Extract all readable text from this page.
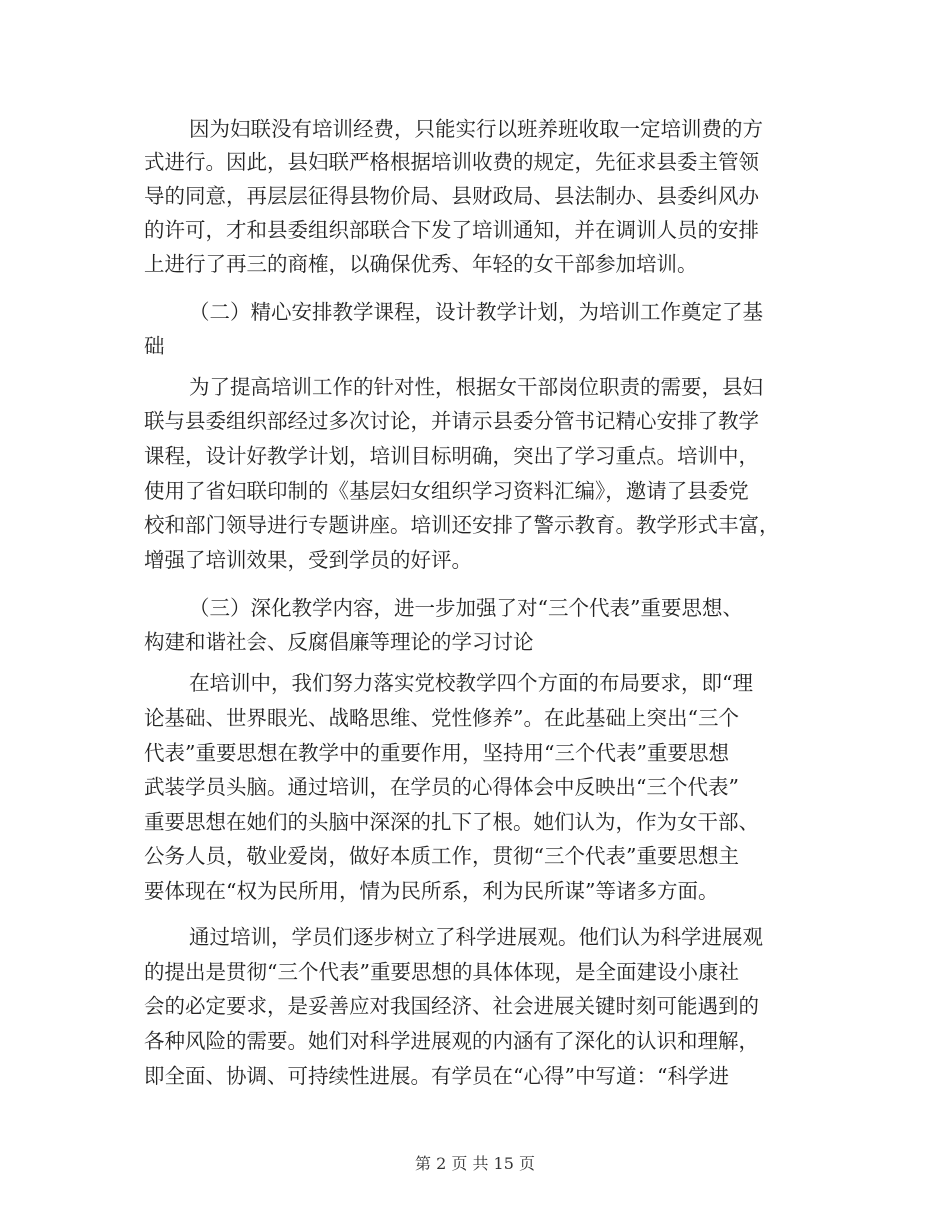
因为妇联没有培训经费，只能实行以班养班收取一定培训费的方
式进行。因此，县妇联严格根据培训收费的规定，先征求县委主管领
导的同意，再层层征得县物价局、县财政局、县法制办、县委纠风办
的许可，才和县委组织部联合下发了培训通知，并在调训人员的安排
上进行了再三的商榷，以确保优秀、年轻的女干部参加培训。
（二）精心安排教学课程，设计教学计划，为培训工作奠定了基
础
为了提高培训工作的针对性，根据女干部岗位职责的需要，县妇
联与县委组织部经过多次讨论，并请示县委分管书记精心安排了教学
课程，设计好教学计划，培训目标明确，突出了学习重点。培训中，
使用了省妇联印制的《基层妇女组织学习资料汇编》，邀请了县委党
校和部门领导进行专题讲座。培训还安排了警示教育。教学形式丰富，
增强了培训效果，受到学员的好评。
（三）深化教学内容，进一步加强了对“三个代表”重要思想、
构建和谐社会、反腐倡廉等理论的学习讨论
在培训中，我们努力落实党校教学四个方面的布局要求，即“理
论基础、世界眼光、战略思维、党性修养”。在此基础上突出“三个
代表”重要思想在教学中的重要作用，坚持用“三个代表”重要思想
武装学员头脑。通过培训，在学员的心得体会中反映出“三个代表”
重要思想在她们的头脑中深深的扎下了根。她们认为，作为女干部、
公务人员，敬业爱岗，做好本质工作，贯彻“三个代表”重要思想主
要体现在“权为民所用，情为民所系，利为民所谋”等诸多方面。
通过培训，学员们逐步树立了科学进展观。他们认为科学进展观
的提出是贯彻“三个代表”重要思想的具体体现，是全面建设小康社
会的必定要求，是妥善应对我国经济、社会进展关键时刻可能遇到的
各种风险的需要。她们对科学进展观的内涵有了深化的认识和理解，
即全面、协调、可持续性进展。有学员在“心得”中写道：“科学进
第 2 页 共 15 页
